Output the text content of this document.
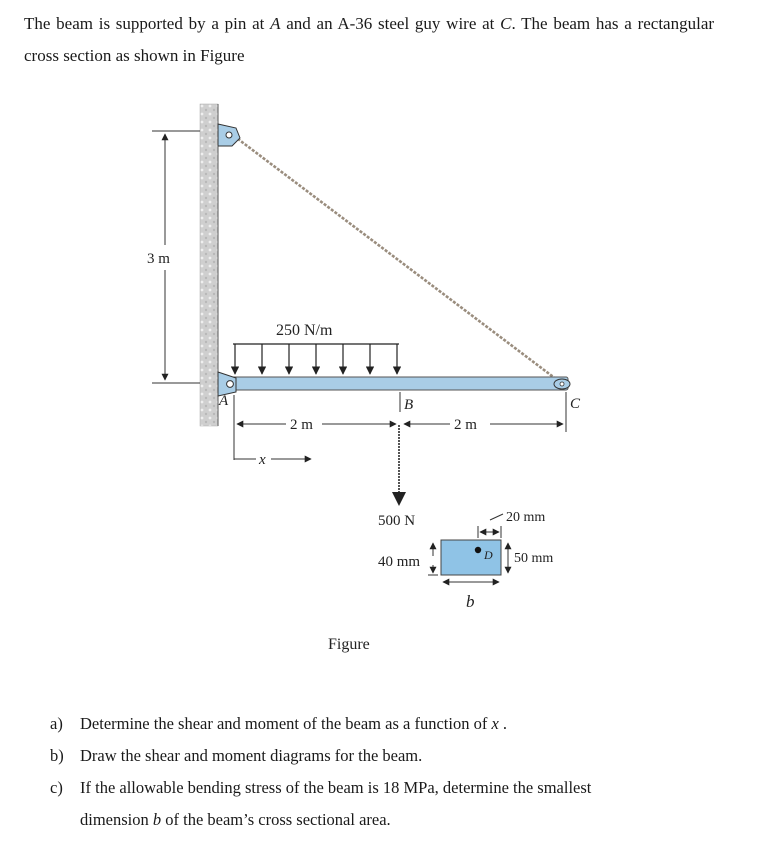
The beam is supported by a pin at A and an A-36 steel guy wire at C. The beam has a rectangular cross section as shown in Figure

3 m
250 N/m
A	B	C
2 m	2 m
x
500 N
D
20 mm
40 mm	50 mm
b
Figure
a) Determine the shear and moment of the beam as a function of x .
b) Draw the shear and moment diagrams for the beam.
c) If the allowable bending stress of the beam is 18 MPa, determine the smallest
dimension b of the beam’s cross sectional area.
